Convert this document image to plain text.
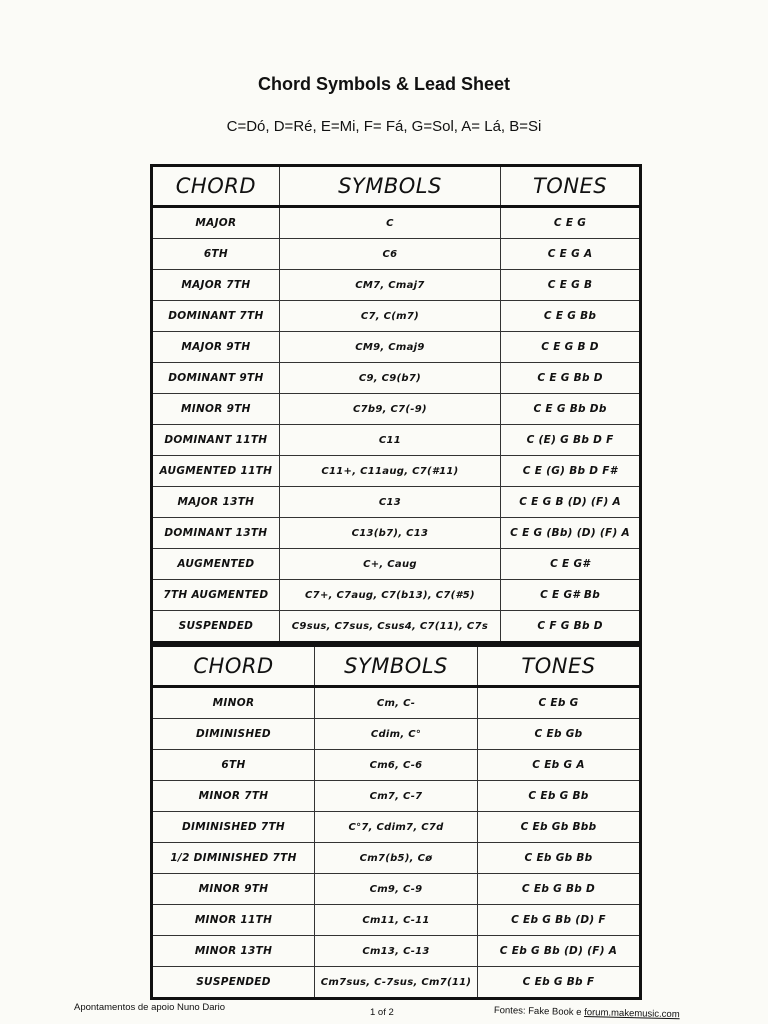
Chord Symbols & Lead Sheet
C=Dó, D=Ré, E=Mi, F= Fá, G=Sol, A= Lá, B=Si
CHORD	SYMBOLS	TONES
MAJOR	C	C E G
6TH	C6	C E G A
MAJOR 7TH	CM7, Cmaj7	C E G B
DOMINANT 7TH	C7, C(m7)	C E G Bb
MAJOR 9TH	CM9, Cmaj9	C E G B D
DOMINANT 9TH	C9, C9(b7)	C E G Bb D
MINOR 9TH	C7b9, C7(-9)	C E G Bb Db
DOMINANT 11TH	C11	C (E) G Bb D F
AUGMENTED 11TH	C11+, C11aug, C7(#11)	C E (G) Bb D F#
MAJOR 13TH	C13	C E G B (D) (F) A
DOMINANT 13TH	C13(b7), C13	C E G (Bb) (D) (F) A
AUGMENTED	C+, Caug	C E G#
7TH AUGMENTED	C7+, C7aug, C7(b13), C7(#5)	C E G# Bb
SUSPENDED	C9sus, C7sus, Csus4, C7(11), C7s	C F G Bb D
CHORD	SYMBOLS	TONES
MINOR	Cm, C-	C Eb G
DIMINISHED	Cdim, C°	C Eb Gb
6TH	Cm6, C-6	C Eb G A
MINOR 7TH	Cm7, C-7	C Eb G Bb
DIMINISHED 7TH	C°7, Cdim7, C7d	C Eb Gb Bbb
1/2 DIMINISHED 7TH	Cm7(b5), Cø	C Eb Gb Bb
MINOR 9TH	Cm9, C-9	C Eb G Bb D
MINOR 11TH	Cm11, C-11	C Eb G Bb (D) F
MINOR 13TH	Cm13, C-13	C Eb G Bb (D) (F) A
SUSPENDED	Cm7sus, C-7sus, Cm7(11)	C Eb G Bb F
Apontamentos de apoio Nuno Dario	1 of 2	Fontes: Fake Book e forum.makemusic.com
